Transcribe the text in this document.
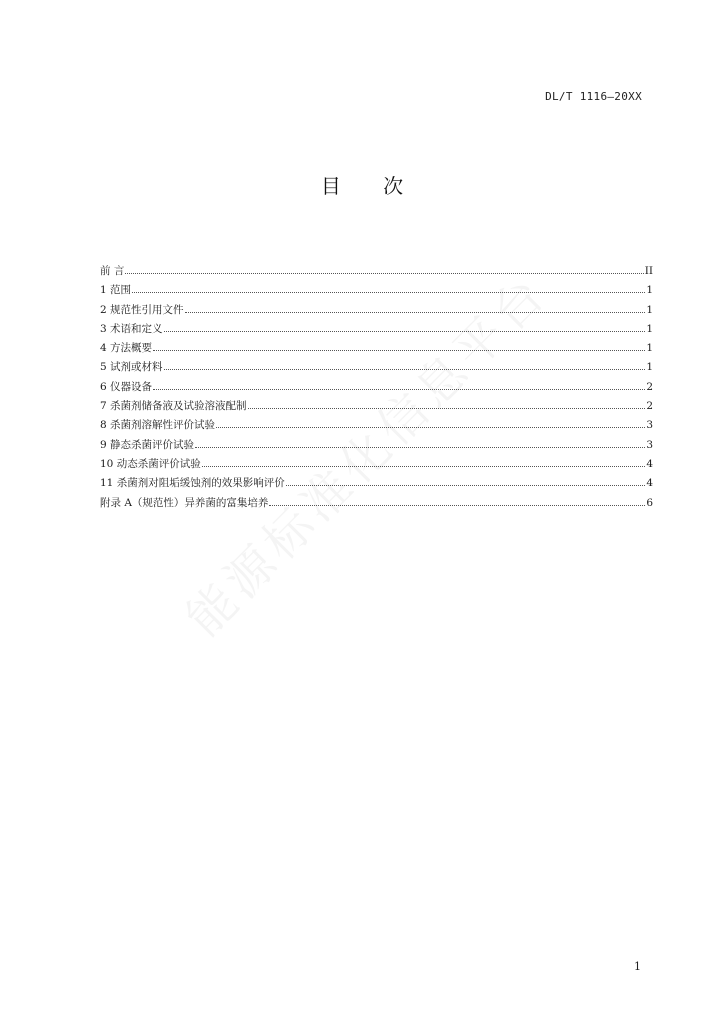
DL/T 1116—20XX
目 次
前 言	II
1 范围	1
2 规范性引用文件	1
3 术语和定义	1
4 方法概要	1
5 试剂或材料	1
6 仪器设备	2
7 杀菌剂储备液及试验溶液配制	2
8 杀菌剂溶解性评价试验	3
9 静态杀菌评价试验	3
10 动态杀菌评价试验	4
11 杀菌剂对阻垢缓蚀剂的效果影响评价	4
附录 A（规范性）异养菌的富集培养	6
1
